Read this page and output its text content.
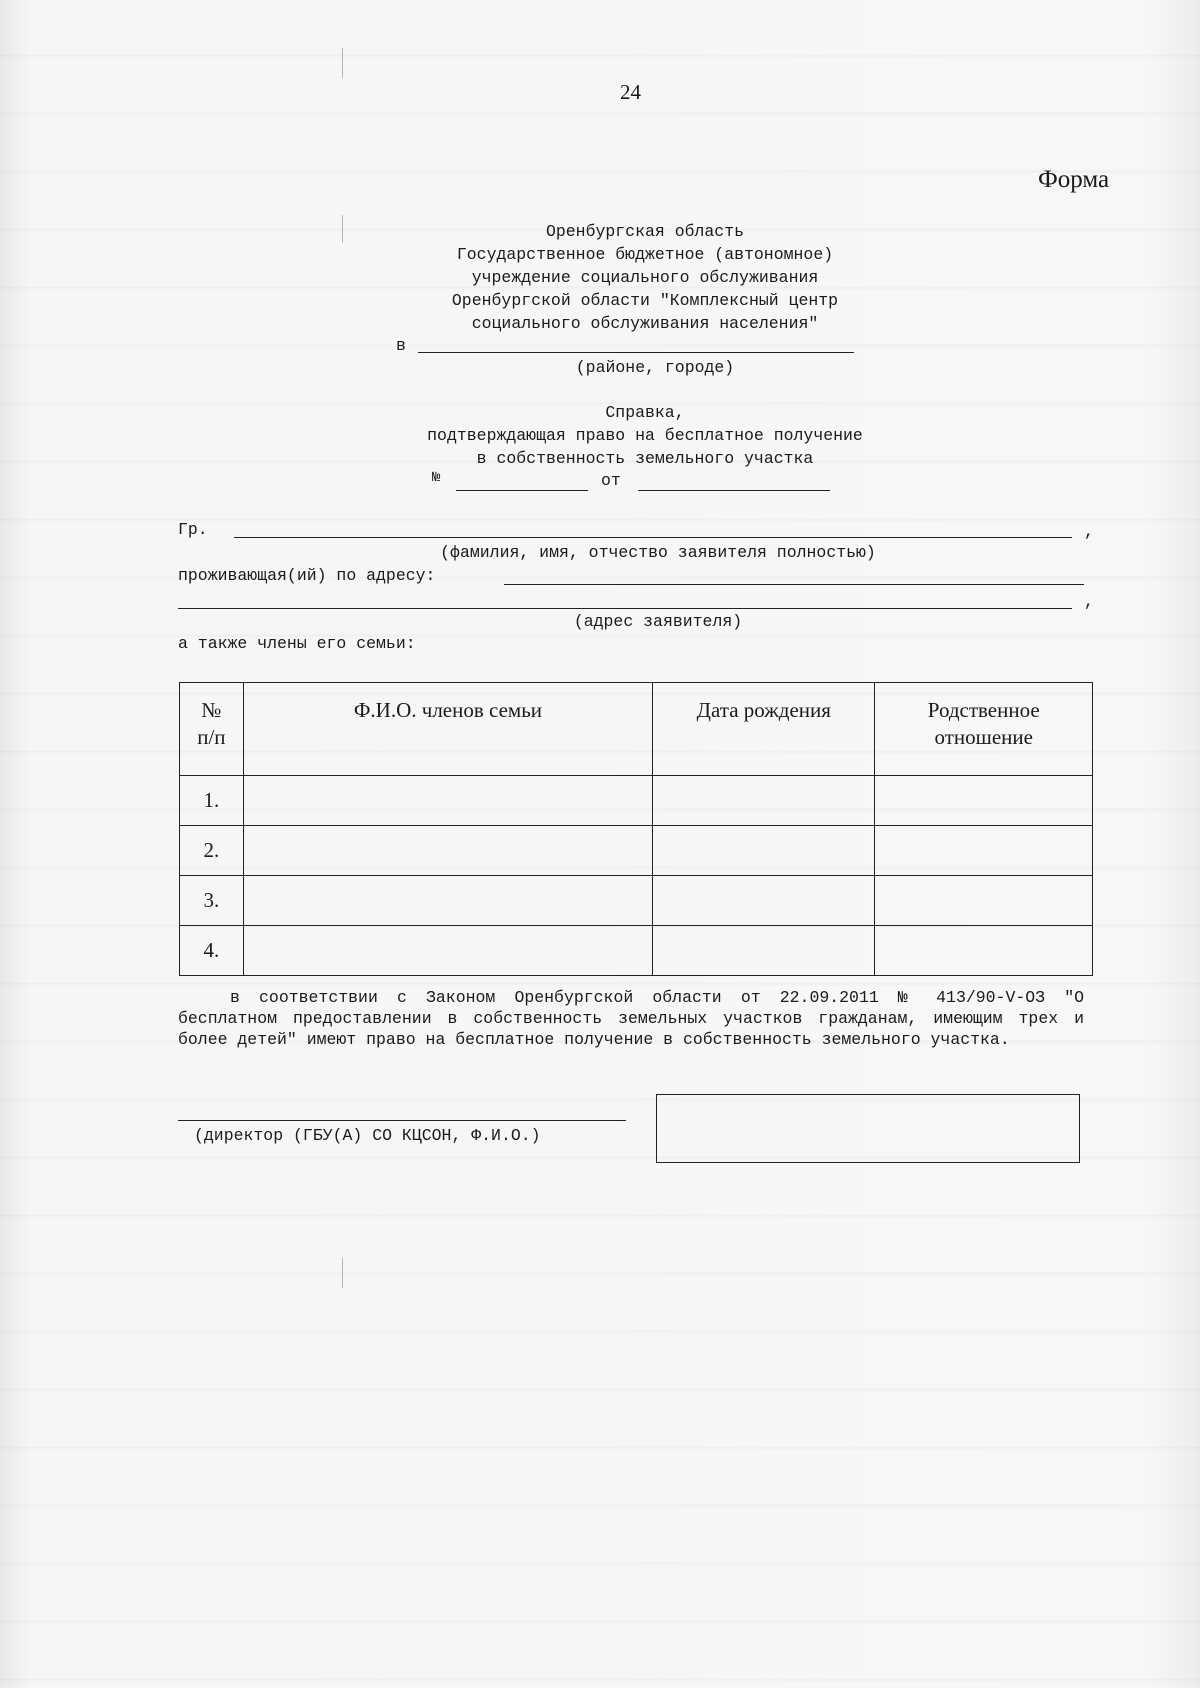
24
Форма
Оренбургская область
Государственное бюджетное (автономное)
учреждение социального обслуживания
Оренбургской области "Комплексный центр
социального обслуживания населения"
в
(районе, городе)
Справка,
подтверждающая право на бесплатное получение
в собственность земельного участка
№	от
Гр.	,
(фамилия, имя, отчество заявителя полностью)
проживающая(ий) по адресу:
,
(адрес заявителя)
а также члены его семьи:
№
п/п	Ф.И.О. членов семьи	Дата рождения	Родственное
отношение
1.			
2.			
3.			
4.			
в соответствии с Законом Оренбургской области от 22.09.2011 № 413/90-V-ОЗ "О бесплатном предоставлении в собственность земельных участков гражданам, имеющим трех и более детей" имеют право на бесплатное получение в собственность земельного участка.
(директор (ГБУ(А) СО КЦСОН, Ф.И.О.)
